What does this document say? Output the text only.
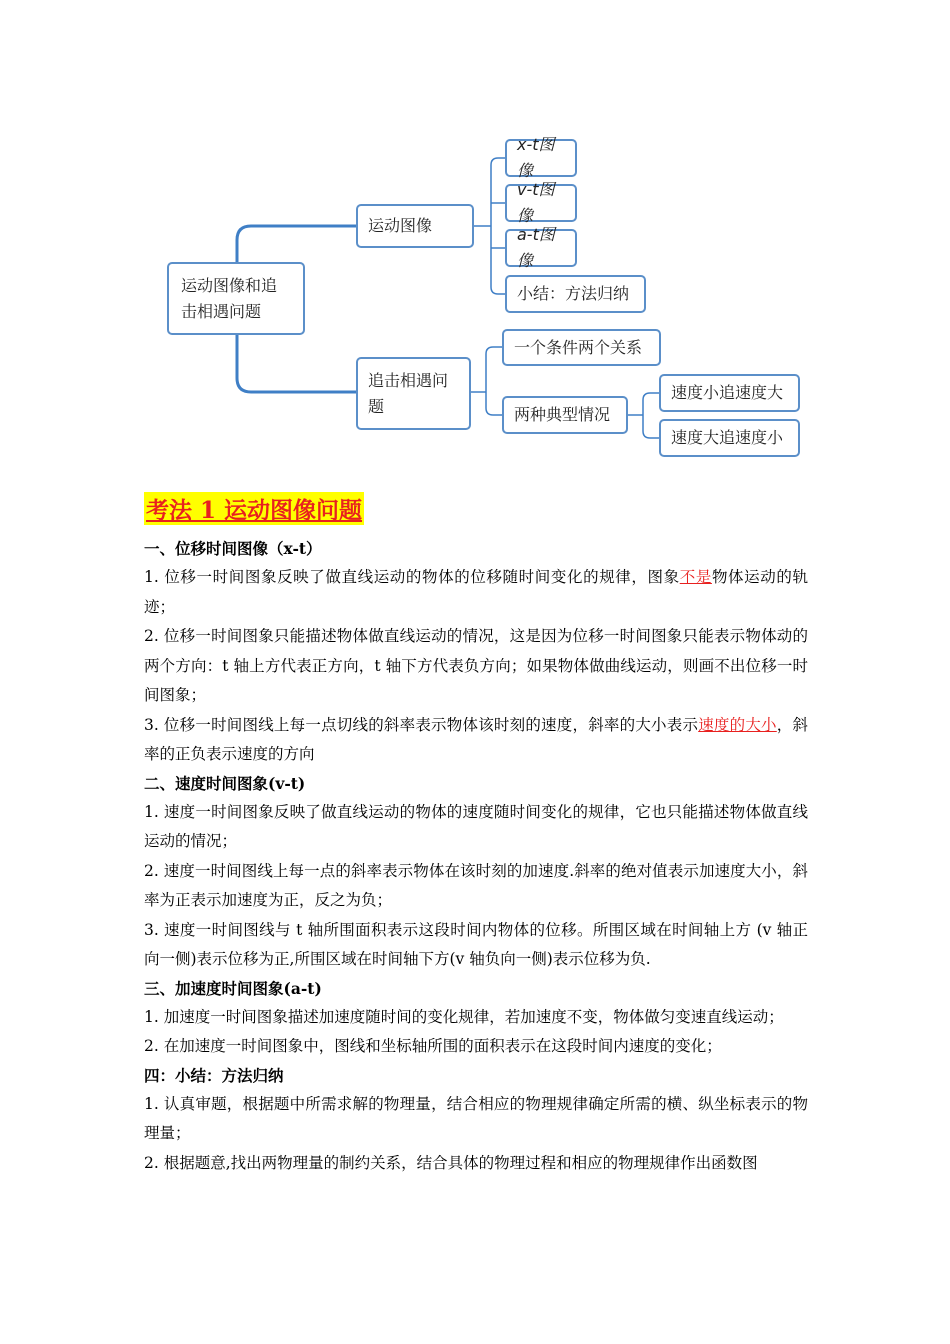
运动图像和追击相遇问题
运动图像
x-t图像
v-t图像
a-t图像
小结：方法归纳
追击相遇问题
一个条件两个关系
两种典型情况
速度小追速度大
速度大追速度小
考法 1 运动图像问题

一、位移时间图像（x-t）

1. 位移一时间图象反映了做直线运动的物体的位移随时间变化的规律，图象不是物体运动的轨迹；

2. 位移一时间图象只能描述物体做直线运动的情况，这是因为位移一时间图象只能表示物体动的两个方向：t 轴上方代表正方向，t 轴下方代表负方向；如果物体做曲线运动，则画不出位移一时间图象；

3. 位移一时间图线上每一点切线的斜率表示物体该时刻的速度，斜率的大小表示速度的大小，斜率的正负表示速度的方向

二、速度时间图象(v-t)

1. 速度一时间图象反映了做直线运动的物体的速度随时间变化的规律，它也只能描述物体做直线运动的情况；

2. 速度一时间图线上每一点的斜率表示物体在该时刻的加速度.斜率的绝对值表示加速度大小，斜率为正表示加速度为正，反之为负；

3. 速度一时间图线与 t 轴所围面积表示这段时间内物体的位移。所围区域在时间轴上方 (v 轴正向一侧)表示位移为正,所围区域在时间轴下方(v 轴负向一侧)表示位移为负.

三、加速度时间图象(a-t)

1. 加速度一时间图象描述加速度随时间的变化规律，若加速度不变，物体做匀变速直线运动；

2. 在加速度一时间图象中，图线和坐标轴所围的面积表示在这段时间内速度的变化；

四：小结：方法归纳

1. 认真审题，根据题中所需求解的物理量，结合相应的物理规律确定所需的横、纵坐标表示的物理量；

2. 根据题意,找出两物理量的制约关系，结合具体的物理过程和相应的物理规律作出函数图
